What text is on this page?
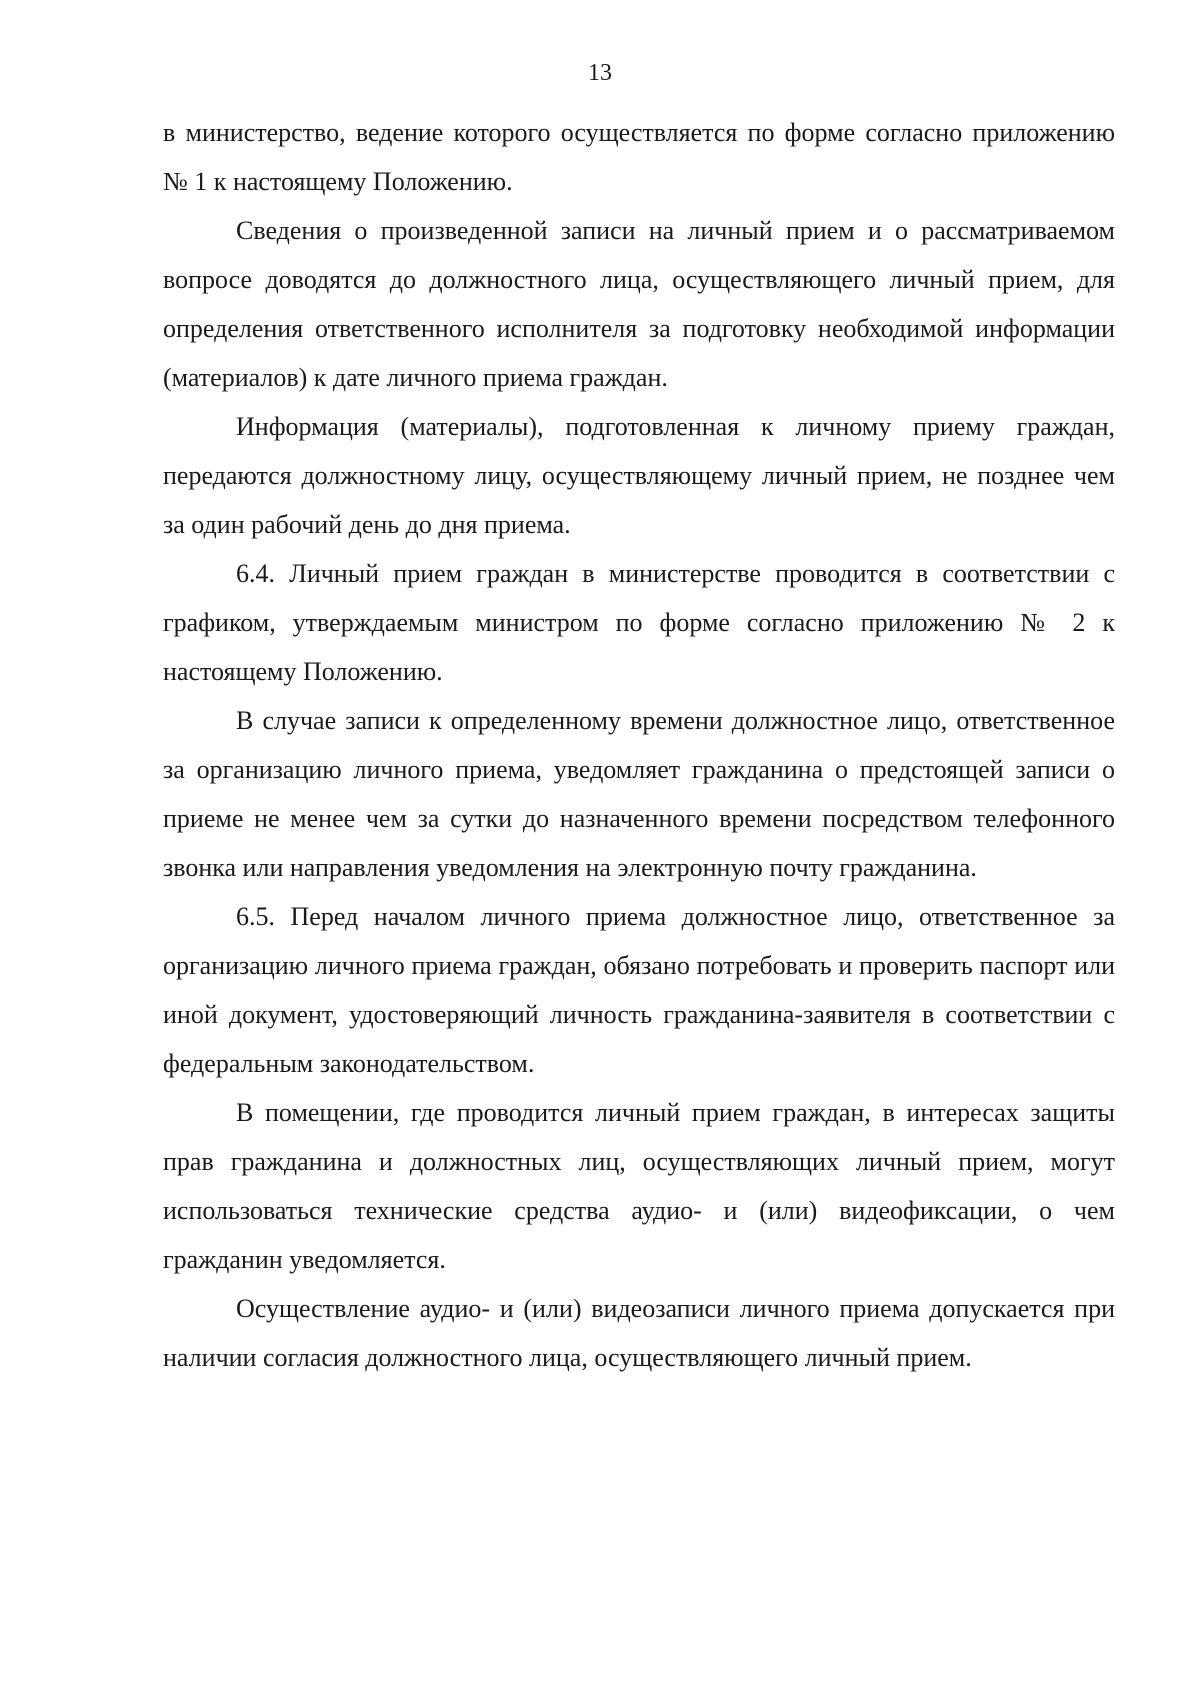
13

в министерство, ведение которого осуществляется по форме согласно приложению № 1 к настоящему Положению.

Сведения о произведенной записи на личный прием и о рассматриваемом вопросе доводятся до должностного лица, осуществляющего личный прием, для определения ответственного исполнителя за подготовку необходимой информации (материалов) к дате личного приема граждан.

Информация (материалы), подготовленная к личному приему граждан, передаются должностному лицу, осуществляющему личный прием, не позднее чем за один рабочий день до дня приема.

6.4. Личный прием граждан в министерстве проводится в соответствии с графиком, утверждаемым министром по форме согласно приложению № 2 к настоящему Положению.

В случае записи к определенному времени должностное лицо, ответственное за организацию личного приема, уведомляет гражданина о предстоящей записи о приеме не менее чем за сутки до назначенного времени посредством телефонного звонка или направления уведомления на электронную почту гражданина.

6.5. Перед началом личного приема должностное лицо, ответственное за организацию личного приема граждан, обязано потребовать и проверить паспорт или иной документ, удостоверяющий личность гражданина-заявителя в соответствии с федеральным законодательством.

В помещении, где проводится личный прием граждан, в интересах защиты прав гражданина и должностных лиц, осуществляющих личный прием, могут использоваться технические средства аудио- и (или) видеофиксации, о чем гражданин уведомляется.

Осуществление аудио- и (или) видеозаписи личного приема допускается при наличии согласия должностного лица, осуществляющего личный прием.
